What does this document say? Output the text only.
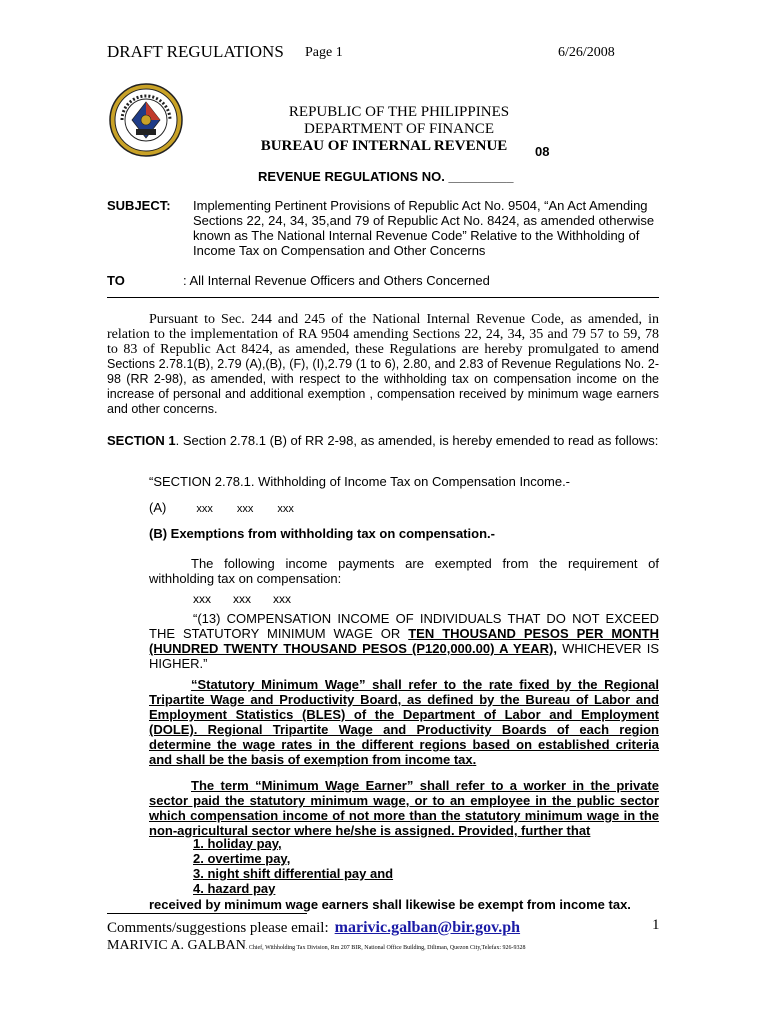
DRAFT REGULATIONS Page 1	6/26/2008
REPUBLIC OF THE PHILIPPINES
DEPARTMENT OF FINANCE
BUREAU OF INTERNAL REVENUE	08
REVENUE REGULATIONS NO. _________
SUBJECT: Implementing Pertinent Provisions of Republic Act No. 9504, “An Act Amending Sections 22, 24, 34, 35,and 79 of Republic Act No. 8424, as amended otherwise known as The National Internal Revenue Code” Relative to the Withholding of Income Tax on Compensation and Other Concerns
TO	: All Internal Revenue Officers and Others Concerned
Pursuant to Sec. 244 and 245 of the National Internal Revenue Code, as amended, in relation to the implementation of RA 9504 amending Sections 22, 24, 34, 35 and 79 57 to 59, 78 to 83 of Republic Act 8424, as amended, these Regulations are hereby promulgated to amend Sections 2.78.1(B), 2.79 (A),(B), (F), (I),2.79 (1 to 6), 2.80, and 2.83 of Revenue Regulations No. 2-98 (RR 2-98), as amended, with respect to the withholding tax on compensation income on the increase of personal and additional exemption , compensation received by minimum wage earners and other concerns.
SECTION 1. Section 2.78.1 (B) of RR 2-98, as amended, is hereby emended to read as follows:
“SECTION 2.78.1. Withholding of Income Tax on Compensation Income.-
(A)	xxx xxx xxx
(B) Exemptions from withholding tax on compensation.-
The following income payments are exempted from the requirement of withholding tax on compensation:
xxx xxx xxx
“(13) COMPENSATION INCOME OF INDIVIDUALS THAT DO NOT EXCEED THE STATUTORY MINIMUM WAGE OR TEN THOUSAND PESOS PER MONTH (HUNDRED TWENTY THOUSAND PESOS (P120,000.00) A YEAR), WHICHEVER IS HIGHER.”
“Statutory Minimum Wage” shall refer to the rate fixed by the Regional Tripartite Wage and Productivity Board, as defined by the Bureau of Labor and Employment Statistics (BLES) of the Department of Labor and Employment (DOLE). Regional Tripartite Wage and Productivity Boards of each region determine the wage rates in the different regions based on established criteria and shall be the basis of exemption from income tax.
The term “Minimum Wage Earner” shall refer to a worker in the private sector paid the statutory minimum wage, or to an employee in the public sector which compensation income of not more than the statutory minimum wage in the non-agricultural sector where he/she is assigned. Provided, further that
1. holiday pay,
2. overtime pay,
3. night shift differential pay and
4. hazard pay
received by minimum wage earners shall likewise be exempt from income tax.
Comments/suggestions please email: marivic.galban@bir.gov.ph	1
MARIVIC A. GALBAN. Chief, Withholding Tax Division, Rm 207 BIR, National Office Building, Diliman, Quezon City,Telefax: 926-9328
